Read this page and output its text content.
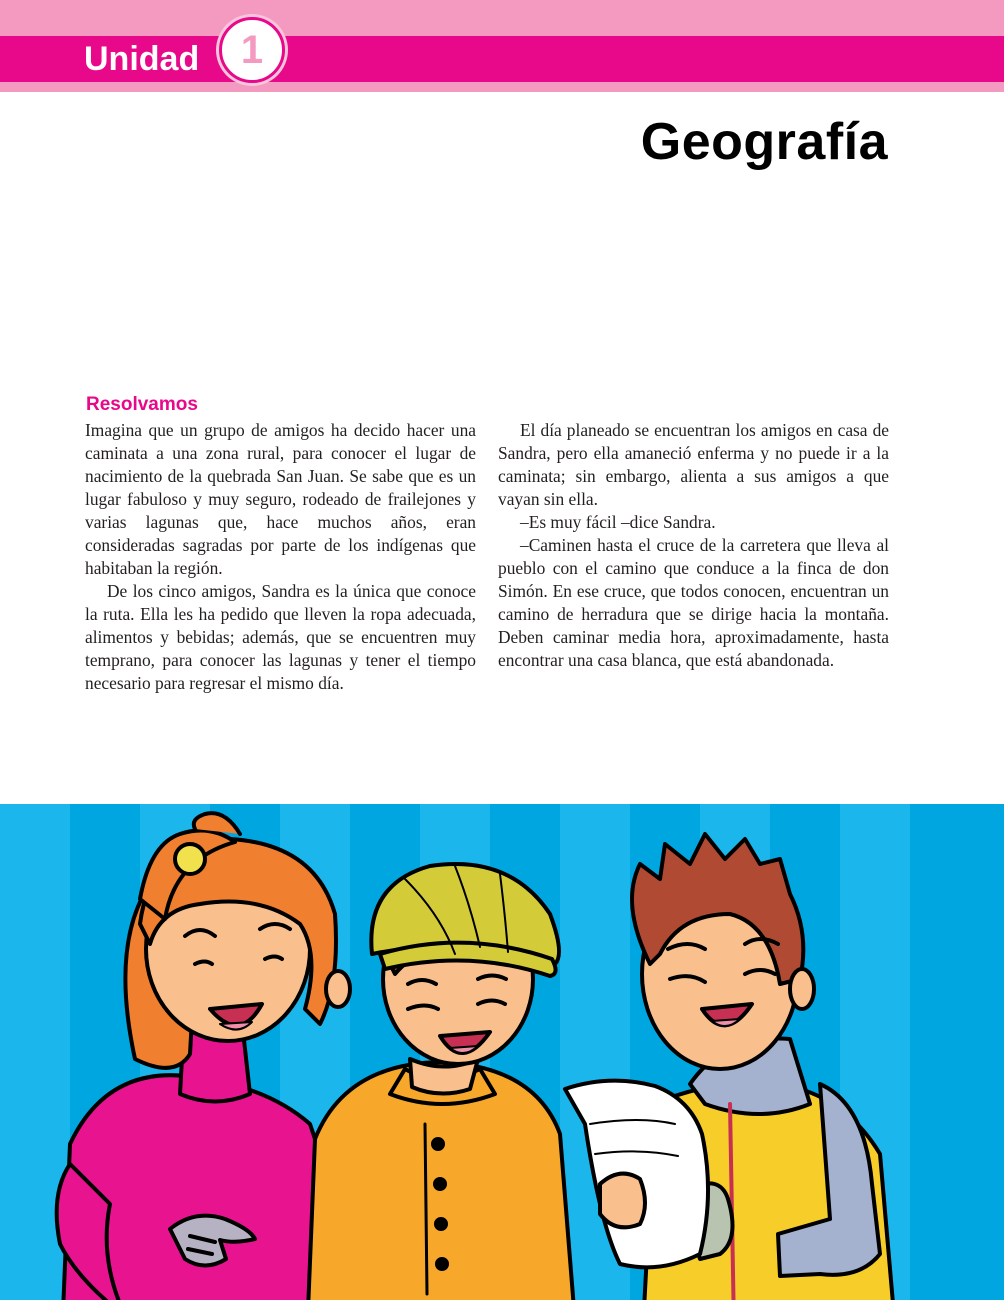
Unidad	1
Geografía
Resolvamos

Imagina que un grupo de amigos ha decido hacer una caminata a una zona rural, para conocer el lugar de nacimiento de la quebrada San Juan. Se sabe que es un lugar fabuloso y muy seguro, rodeado de frailejones y varias lagunas que, hace muchos años, eran consideradas sagradas por parte de los indígenas que habitaban la región.

De los cinco amigos, Sandra es la única que conoce la ruta. Ella les ha pedido que lleven la ropa adecuada, alimentos y bebidas; además, que se encuentren muy temprano, para conocer las lagunas y tener el tiempo necesario para regresar el mismo día.

El día planeado se encuentran los amigos en casa de Sandra, pero ella amaneció enferma y no puede ir a la caminata; sin embargo, alienta a sus amigos a que vayan sin ella.

–Es muy fácil –dice Sandra.

–Caminen hasta el cruce de la carretera que lleva al pueblo con el camino que conduce a la finca de don Simón. En ese cruce, que todos conocen, encuentran un camino de herradura que se dirige hacia la montaña. Deben caminar media hora, aproximadamente, hasta encontrar una casa blanca, que está abandonada.
